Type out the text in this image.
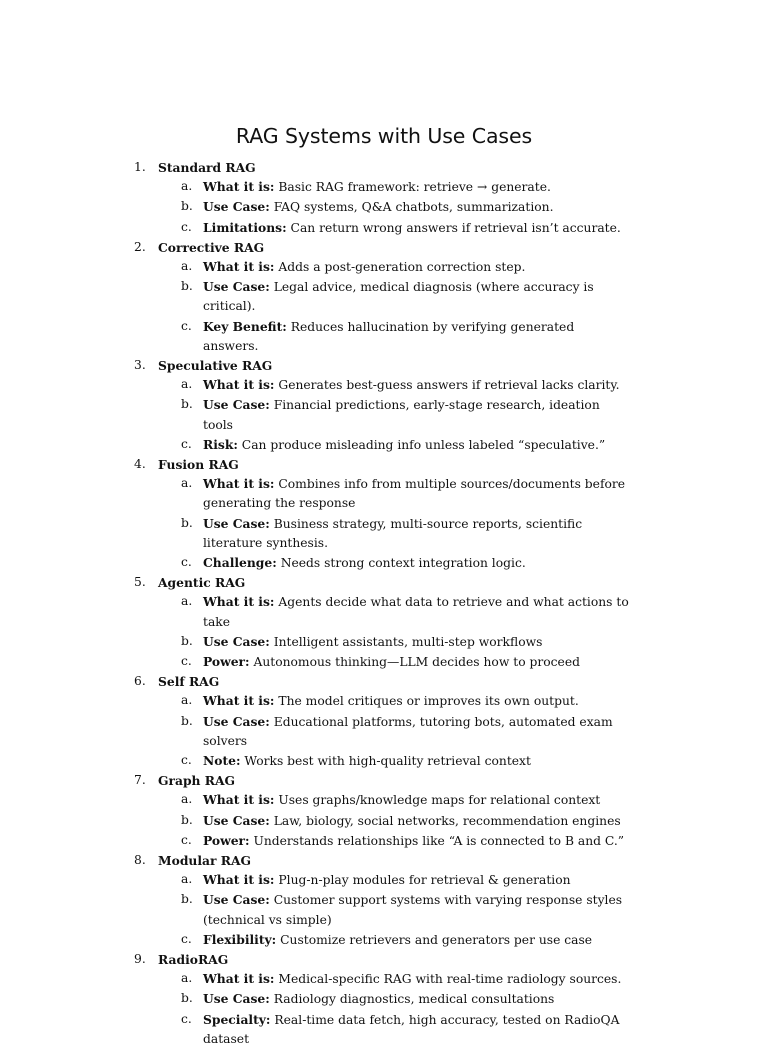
RAG Systems with Use Cases
1. Standard RAG
a. What it is: Basic RAG framework: retrieve → generate.
b. Use Case: FAQ systems, Q&A chatbots, summarization.
c. Limitations: Can return wrong answers if retrieval isn’t accurate.
2. Corrective RAG
a. What it is: Adds a post-generation correction step.
b. Use Case: Legal advice, medical diagnosis (where accuracy is critical).
c. Key Benefit: Reduces hallucination by verifying generated answers.
3. Speculative RAG
a. What it is: Generates best-guess answers if retrieval lacks clarity.
b. Use Case: Financial predictions, early-stage research, ideation tools
c. Risk: Can produce misleading info unless labeled “speculative.”
4. Fusion RAG
a. What it is: Combines info from multiple sources/documents before generating the response
b. Use Case: Business strategy, multi-source reports, scientific literature synthesis.
c. Challenge: Needs strong context integration logic.
5. Agentic RAG
a. What it is: Agents decide what data to retrieve and what actions to take
b. Use Case: Intelligent assistants, multi-step workflows
c. Power: Autonomous thinking—LLM decides how to proceed
6. Self RAG
a. What it is: The model critiques or improves its own output.
b. Use Case: Educational platforms, tutoring bots, automated exam solvers
c. Note: Works best with high-quality retrieval context
7. Graph RAG
a. What it is: Uses graphs/knowledge maps for relational context
b. Use Case: Law, biology, social networks, recommendation engines
c. Power: Understands relationships like “A is connected to B and C.”
8. Modular RAG
a. What it is: Plug-n-play modules for retrieval & generation
b. Use Case: Customer support systems with varying response styles (technical vs simple)
c. Flexibility: Customize retrievers and generators per use case
9. RadioRAG
a. What it is: Medical-specific RAG with real-time radiology sources.
b. Use Case: Radiology diagnostics, medical consultations
c. Specialty: Real-time data fetch, high accuracy, tested on RadioQA dataset
